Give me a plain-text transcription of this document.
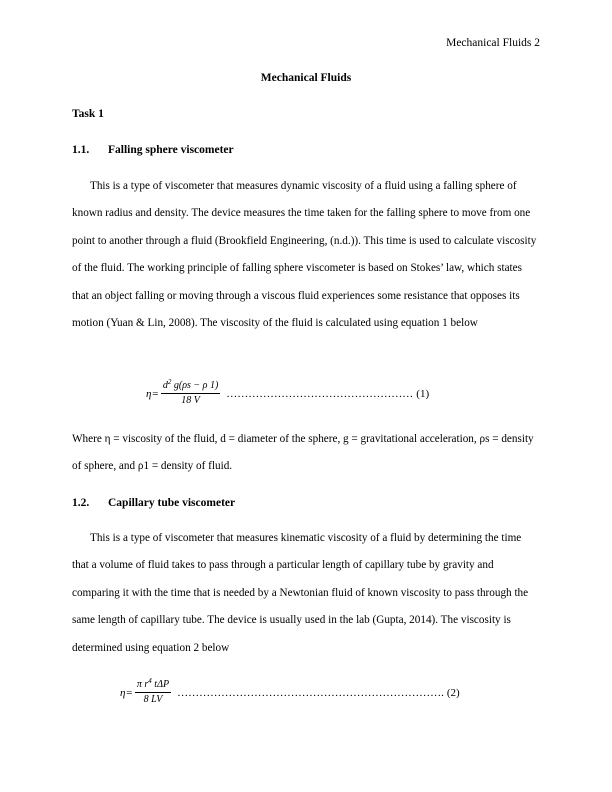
Mechanical Fluids 2
Mechanical Fluids
Task 1
1.1. Falling sphere viscometer

This is a type of viscometer that measures dynamic viscosity of a fluid using a falling sphere of known radius and density. The device measures the time taken for the falling sphere to move from one point to another through a fluid (Brookfield Engineering, (n.d.)). This time is used to calculate viscosity of the fluid. The working principle of falling sphere viscometer is based on Stokes’ law, which states that an object falling or moving through a viscous fluid experiences some resistance that opposes its motion (Yuan & Lin, 2008). The viscosity of the fluid is calculated using equation 1 below

$\eta= \frac{d^2 g(\rho s - \rho 1)}{18 V}$ …………………………………………… (1)

Where η = viscosity of the fluid, d = diameter of the sphere, g = gravitational acceleration, ρs = density of sphere, and ρ1 = density of fluid.

1.2. Capillary tube viscometer

This is a type of viscometer that measures kinematic viscosity of a fluid by determining the time that a volume of fluid takes to pass through a particular length of capillary tube by gravity and comparing it with the time that is needed by a Newtonian fluid of known viscosity to pass through the same length of capillary tube. The device is usually used in the lab (Gupta, 2014). The viscosity is determined using equation 2 below

$\eta= \frac{\pi r^4 t\Delta P}{8 LV}$ ………………………………………………………………. (2)
